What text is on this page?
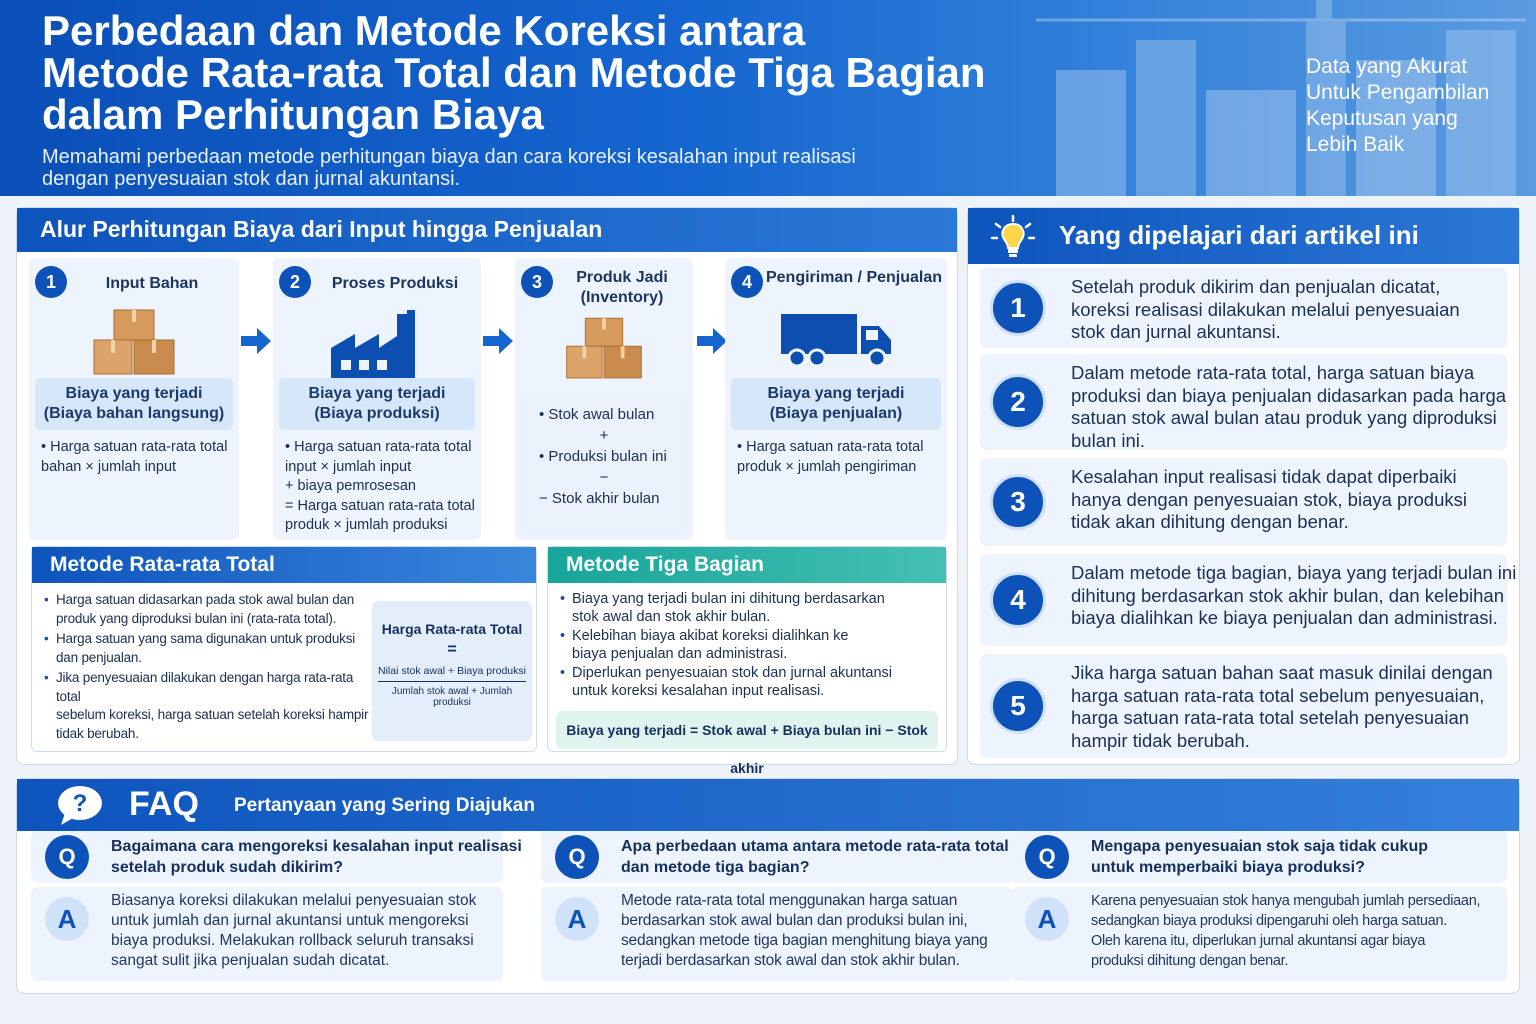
Perbedaan dan Metode Koreksi antara
Metode Rata-rata Total dan Metode Tiga Bagian
dalam Perhitungan Biaya
Memahami perbedaan metode perhitungan biaya dan cara koreksi kesalahan input realisasi
dengan penyesuaian stok dan jurnal akuntansi.
Data yang Akurat
Untuk Pengambilan
Keputusan yang
Lebih Baik
Alur Perhitungan Biaya dari Input hingga Penjualan
1	Input Bahan
Biaya yang terjadi
(Biaya bahan langsung)
• Harga satuan rata-rata total
bahan × jumlah input
2	Proses Produksi
Biaya yang terjadi
(Biaya produksi)
• Harga satuan rata-rata total
input × jumlah input
+ biaya pemrosesan
= Harga satuan rata-rata total
produk × jumlah produksi
3	Produk Jadi
(Inventory)
• Stok awal bulan
+
• Produksi bulan ini
−
− Stok akhir bulan
4 Pengiriman / Penjualan
Biaya yang terjadi
(Biaya penjualan)
• Harga satuan rata-rata total
produk × jumlah pengiriman
Metode Rata-rata Total
• Harga satuan didasarkan pada stok awal bulan dan
produk yang diproduksi bulan ini (rata-rata total).
• Harga satuan yang sama digunakan untuk produksi
dan penjualan.
• Jika penyesuaian dilakukan dengan harga rata-rata total
sebelum koreksi, harga satuan setelah koreksi hampir
tidak berubah.
Harga Rata-rata Total
=
Nilai stok awal + Biaya produksi
Jumlah stok awal + Jumlah produksi
Metode Tiga Bagian
• Biaya yang terjadi bulan ini dihitung berdasarkan
stok awal dan stok akhir bulan.
• Kelebihan biaya akibat koreksi dialihkan ke
biaya penjualan dan administrasi.
• Diperlukan penyesuaian stok dan jurnal akuntansi
untuk koreksi kesalahan input realisasi.
Biaya yang terjadi = Stok awal + Biaya bulan ini − Stok akhir
Yang dipelajari dari artikel ini
1
Setelah produk dikirim dan penjualan dicatat,
koreksi realisasi dilakukan melalui penyesuaian
stok dan jurnal akuntansi.
2
Dalam metode rata-rata total, harga satuan biaya
produksi dan biaya penjualan didasarkan pada harga
satuan stok awal bulan atau produk yang diproduksi
bulan ini.
3
Kesalahan input realisasi tidak dapat diperbaiki
hanya dengan penyesuaian stok, biaya produksi
tidak akan dihitung dengan benar.
4
Dalam metode tiga bagian, biaya yang terjadi bulan ini
dihitung berdasarkan stok akhir bulan, dan kelebihan
biaya dialihkan ke biaya penjualan dan administrasi.
5
Jika harga satuan bahan saat masuk dinilai dengan
harga satuan rata-rata total sebelum penyesuaian,
harga satuan rata-rata total setelah penyesuaian
hampir tidak berubah.
? FAQ Pertanyaan yang Sering Diajukan
Q	Bagaimana cara mengoreksi kesalahan input realisasi
setelah produk sudah dikirim?
A
Biasanya koreksi dilakukan melalui penyesuaian stok
untuk jumlah dan jurnal akuntansi untuk mengoreksi
biaya produksi. Melakukan rollback seluruh transaksi
sangat sulit jika penjualan sudah dicatat.
Q	Apa perbedaan utama antara metode rata-rata total
dan metode tiga bagian?
A
Metode rata-rata total menggunakan harga satuan
berdasarkan stok awal bulan dan produksi bulan ini,
sedangkan metode tiga bagian menghitung biaya yang
terjadi berdasarkan stok awal dan stok akhir bulan.
Q	Mengapa penyesuaian stok saja tidak cukup
untuk memperbaiki biaya produksi?
A
Karena penyesuaian stok hanya mengubah jumlah persediaan,
sedangkan biaya produksi dipengaruhi oleh harga satuan.
Oleh karena itu, diperlukan jurnal akuntansi agar biaya
produksi dihitung dengan benar.
